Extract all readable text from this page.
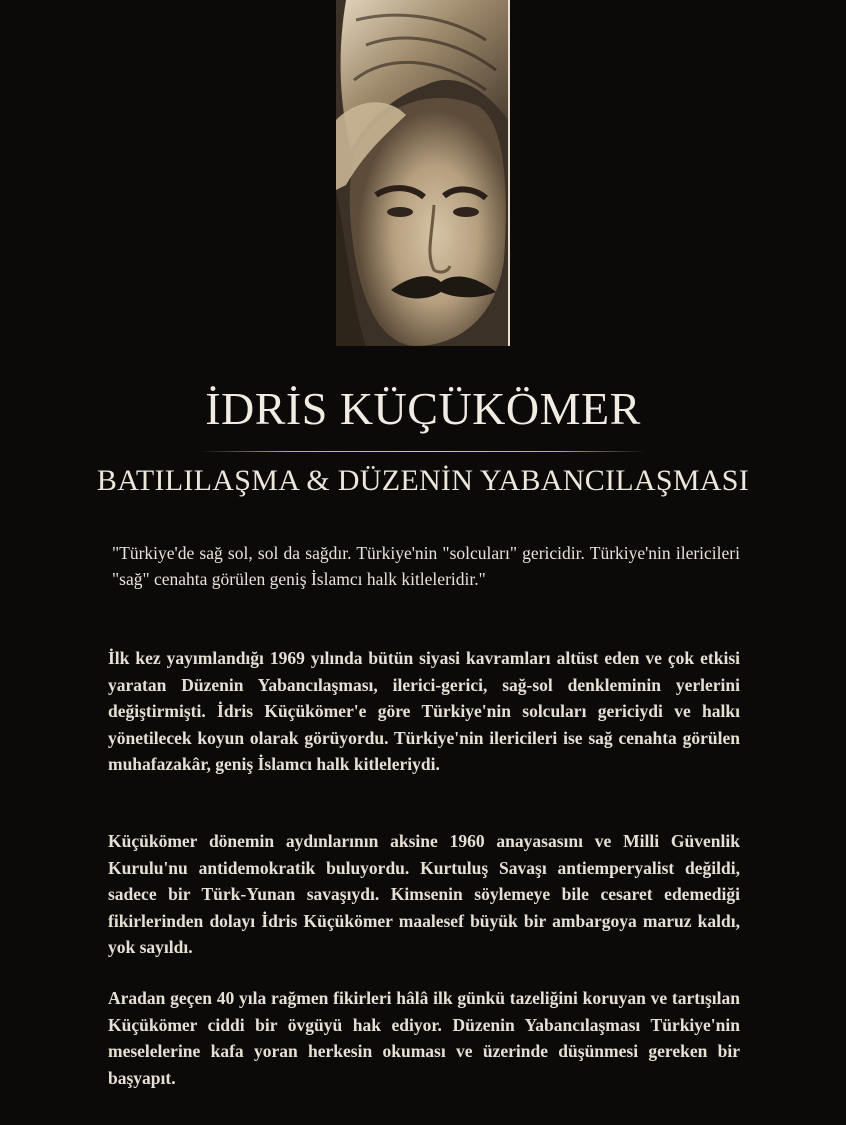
İDRİS KÜÇÜKÖMER
BATILILAŞMA & DÜZENİN YABANCILAŞMASI
"Türkiye'de sağ sol, sol da sağdır. Türkiye'nin "solcuları" gericidir. Türkiye'nin ilericileri "sağ" cenahta görülen geniş İslamcı halk kitleleridir."
İlk kez yayımlandığı 1969 yılında bütün siyasi kavramları altüst eden ve çok etkisi yaratan Düzenin Yabancılaşması, ilerici-gerici, sağ-sol denkleminin yerlerini değiştirmişti. İdris Küçükömer'e göre Türkiye'nin solcuları gericiydi ve halkı yönetilecek koyun olarak görüyordu. Türkiye'nin ilericileri ise sağ cenahta görülen muhafazakâr, geniş İslamcı halk kitleleriydi.
Küçükömer dönemin aydınlarının aksine 1960 anayasasını ve Milli Güvenlik Kurulu'nu antidemokratik buluyordu. Kurtuluş Savaşı antiemperyalist değildi, sadece bir Türk-Yunan savaşıydı. Kimsenin söylemeye bile cesaret edemediği fikirlerinden dolayı İdris Küçükömer maalesef büyük bir ambargoya maruz kaldı, yok sayıldı.
Aradan geçen 40 yıla rağmen fikirleri hâlâ ilk günkü tazeliğini koruyan ve tartışılan Küçükömer ciddi bir övgüyü hak ediyor. Düzenin Yabancılaşması Türkiye'nin meselelerine kafa yoran herkesin okuması ve üzerinde düşünmesi gereken bir başyapıt.
